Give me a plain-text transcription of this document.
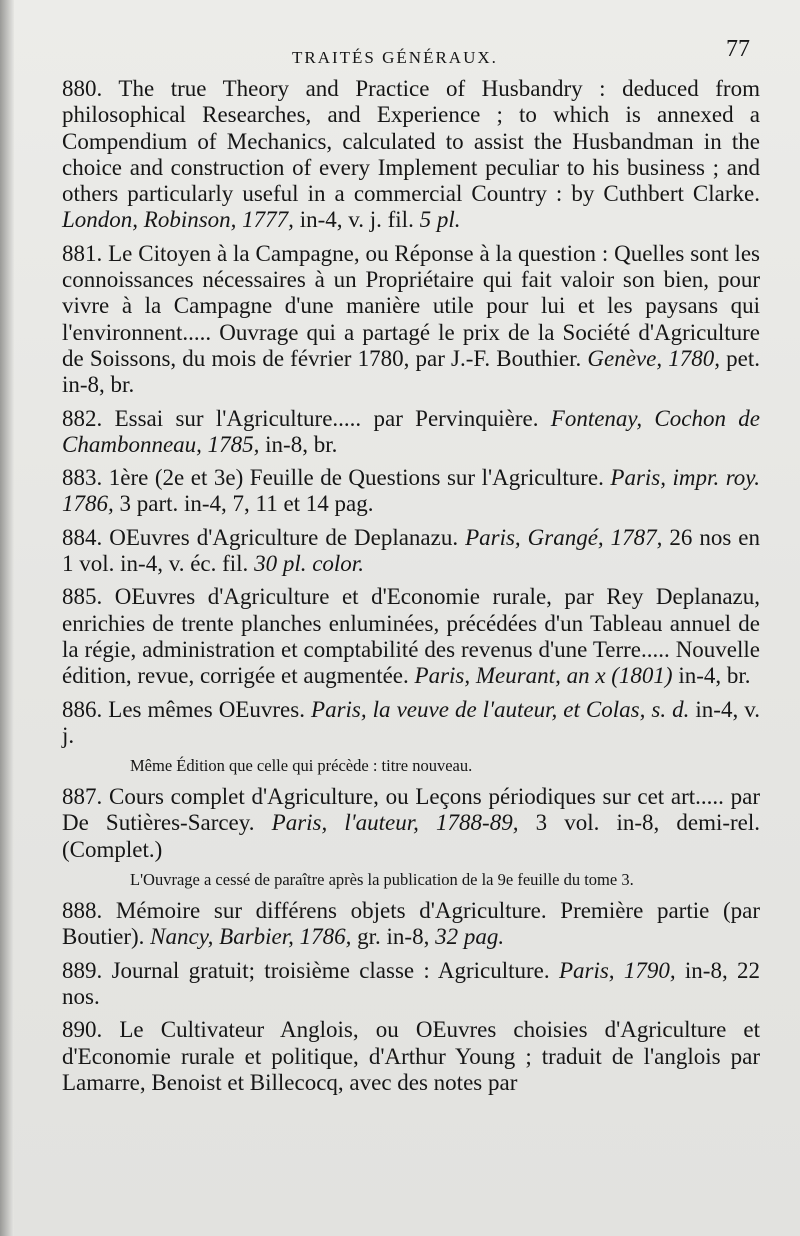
TRAITÉS GÉNÉRAUX.	77

880. The true Theory and Practice of Husbandry : deduced from philosophical Researches, and Experience ; to which is annexed a Compendium of Mechanics, calculated to assist the Husbandman in the choice and construction of every Implement peculiar to his business ; and others particularly useful in a commercial Country : by Cuthbert Clarke. London, Robinson, 1777, in-4, v. j. fil. 5 pl.

881. Le Citoyen à la Campagne, ou Réponse à la question : Quelles sont les connoissances nécessaires à un Propriétaire qui fait valoir son bien, pour vivre à la Campagne d'une manière utile pour lui et les paysans qui l'environnent..... Ouvrage qui a partagé le prix de la Société d'Agriculture de Soissons, du mois de février 1780, par J.-F. Bouthier. Genève, 1780, pet. in-8, br.

882. Essai sur l'Agriculture..... par Pervinquière. Fontenay, Cochon de Chambonneau, 1785, in-8, br.

883. 1ère (2e et 3e) Feuille de Questions sur l'Agriculture. Paris, impr. roy. 1786, 3 part. in-4, 7, 11 et 14 pag.

884. OEuvres d'Agriculture de Deplanazu. Paris, Grangé, 1787, 26 nos en 1 vol. in-4, v. éc. fil. 30 pl. color.

885. OEuvres d'Agriculture et d'Economie rurale, par Rey Deplanazu, enrichies de trente planches enluminées, précédées d'un Tableau annuel de la régie, administration et comptabilité des revenus d'une Terre..... Nouvelle édition, revue, corrigée et augmentée. Paris, Meurant, an x (1801) in-4, br.

886. Les mêmes OEuvres. Paris, la veuve de l'auteur, et Colas, s. d. in-4, v. j.

Même Édition que celle qui précède : titre nouveau.

887. Cours complet d'Agriculture, ou Leçons périodiques sur cet art..... par De Sutières-Sarcey. Paris, l'auteur, 1788-89, 3 vol. in-8, demi-rel. (Complet.)

L'Ouvrage a cessé de paraître après la publication de la 9e feuille du tome 3.

888. Mémoire sur différens objets d'Agriculture. Première partie (par Boutier). Nancy, Barbier, 1786, gr. in-8, 32 pag.

889. Journal gratuit; troisième classe : Agriculture. Paris, 1790, in-8, 22 nos.

890. Le Cultivateur Anglois, ou OEuvres choisies d'Agriculture et d'Economie rurale et politique, d'Arthur Young ; traduit de l'anglois par Lamarre, Benoist et Billecocq, avec des notes par
